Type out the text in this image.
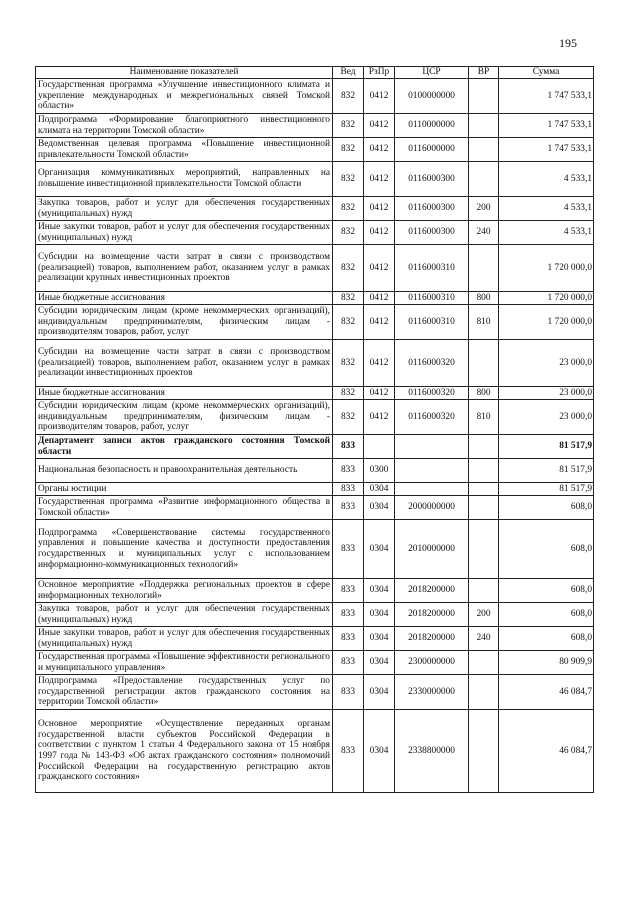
195
Наименование показателей	Вед	РзПр	ЦСР	ВР	Сумма
Государственная программа «Улучшение инвестиционного климата и укрепление международных и межрегиональных связей Томской области»	832	0412	0100000000		1 747 533,1
Подпрограмма «Формирование благоприятного инвестиционного климата на территории Томской области»	832	0412	0110000000		1 747 533,1
Ведомственная целевая программа «Повышение инвестиционной привлекательности Томской области»	832	0412	0116000000		1 747 533,1
Организация коммуникативных мероприятий, направленных на повышение инвестиционной привлекательности Томской области	832	0412	0116000300		4 533,1
Закупка товаров, работ и услуг для обеспечения государственных (муниципальных) нужд	832	0412	0116000300	200	4 533,1
Иные закупки товаров, работ и услуг для обеспечения государственных (муниципальных) нужд	832	0412	0116000300	240	4 533,1
Субсидии на возмещение части затрат в связи с производством (реализацией) товаров, выполнением работ, оказанием услуг в рамках реализации крупных инвестиционных проектов	832	0412	0116000310		1 720 000,0
Иные бюджетные ассигнования	832	0412	0116000310	800	1 720 000,0
Субсидии юридическим лицам (кроме некоммерческих организаций), индивидуальным предпринимателям, физическим лицам - производителям товаров, работ, услуг	832	0412	0116000310	810	1 720 000,0
Субсидии на возмещение части затрат в связи с производством (реализацией) товаров, выполнением работ, оказанием услуг в рамках реализации инвестиционных проектов	832	0412	0116000320		23 000,0
Иные бюджетные ассигнования	832	0412	0116000320	800	23 000,0
Субсидии юридическим лицам (кроме некоммерческих организаций), индивидуальным предпринимателям, физическим лицам - производителям товаров, работ, услуг	832	0412	0116000320	810	23 000,0
Департамент записи актов гражданского состояния Томской области	833				81 517,9
Национальная безопасность и правоохранительная деятельность	833	0300			81 517,9
Органы юстиции	833	0304			81 517,9
Государственная программа «Развитие информационного общества в Томской области»	833	0304	2000000000		608,0
Подпрограмма «Совершенствование системы государственного управления и повышение качества и доступности предоставления государственных и муниципальных услуг с использованием информационно-коммуникационных технологий»	833	0304	2010000000		608,0
Основное мероприятие «Поддержка региональных проектов в сфере информационных технологий»	833	0304	2018200000		608,0
Закупка товаров, работ и услуг для обеспечения государственных (муниципальных) нужд	833	0304	2018200000	200	608,0
Иные закупки товаров, работ и услуг для обеспечения государственных (муниципальных) нужд	833	0304	2018200000	240	608,0
Государственная программа «Повышение эффективности регионального и муниципального управления»	833	0304	2300000000		80 909,9
Подпрограмма «Предоставление государственных услуг по государственной регистрации актов гражданского состояния на территории Томской области»	833	0304	2330000000		46 084,7
Основное мероприятие «Осуществление переданных органам государственной власти субъектов Российской Федерации в соответствии с пунктом 1 статьи 4 Федерального закона от 15 ноября 1997 года № 143-ФЗ «Об актах гражданского состояния» полномочий Российской Федерации на государственную регистрацию актов гражданского состояния»	833	0304	2338800000		46 084,7
